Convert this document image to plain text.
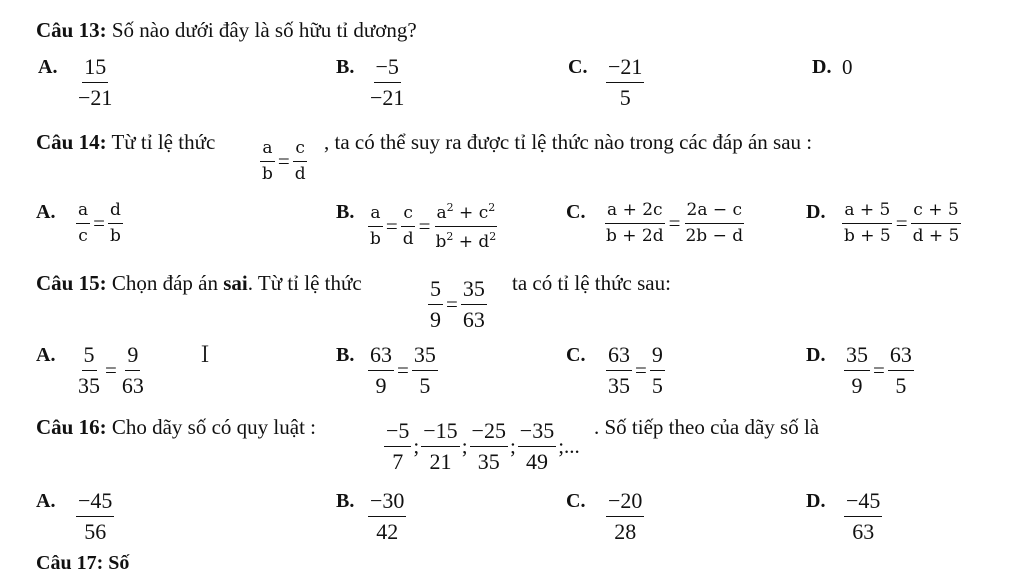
Câu 13: Số nào dưới đây là số hữu tỉ dương?
A. $\frac{15}{-21}$	B. $\frac{-5}{-21}$	C. $\frac{-21}{5}$	D. 0
Câu 14: Từ tỉ lệ thức	$\frac{a}{b} = \frac{c}{d}$ , ta có thể suy ra được tỉ lệ thức nào trong các đáp án sau :
A. $\frac{a}{c} = \frac{d}{b}$	B. $\frac{a}{b} = \frac{c}{d} = \frac{a^2 + c^2}{b^2 + d^2}$	C. $\frac{a + 2c}{b + 2d} = \frac{2a - c}{2b - d}$	D. $\frac{a + 5}{b + 5} = \frac{c + 5}{d + 5}$
Câu 15: Chọn đáp án sai. Từ tỉ lệ thức	$\frac{5}{9} = \frac{35}{63}$ ta có tỉ lệ thức sau:
A. $\frac{5}{35} = \frac{9}{63}$ Ｉ	B. $\frac{63}{9} = \frac{35}{5}$	C. $\frac{63}{35} = \frac{9}{5}$	D. $\frac{35}{9} = \frac{63}{5}$
Câu 16: Cho dãy số có quy luật :	$\frac{-5}{7}$ ; $\frac{-15}{21}$ ; $\frac{-25}{35}$ ; $\frac{-35}{49}$ ;...
. Số tiếp theo của dãy số là
A. $\frac{-45}{56}$	B. $\frac{-30}{42}$	C. $\frac{-20}{28}$	D. $\frac{-45}{63}$
Câu 17: Số
